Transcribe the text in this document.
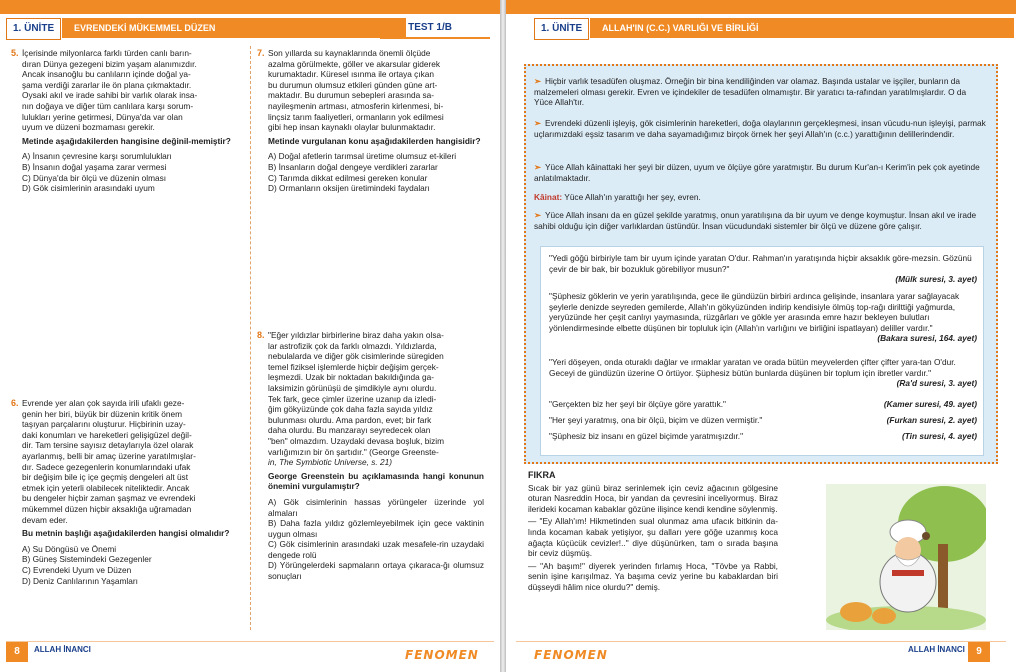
1. ÜNİTE	EVRENDEKİ MÜKEMMEL DÜZEN	TEST 1/B
5. İçerisinde milyonlarca farklı türden canlı barın-

dıran Dünya gezegeni bizim yaşam alanımızdır.

Ancak insanoğlu bu canlıların içinde doğal ya-

şama verdiği zararlar ile ön plana çıkmaktadır.

Oysaki akıl ve irade sahibi bir varlık olarak insa-

nın doğaya ve diğer tüm canlılara karşı sorum-

lulukları yerine getirmesi, Dünya'da var olan

uyum ve düzeni bozmaması gerekir.

Metinde aşağıdakilerden hangisine değinil-memiştir?

A) İnsanın çevresine karşı sorumlulukları

B) İnsanın doğal yaşama zarar vermesi

C) Dünya'da bir ölçü ve düzenin olması

D) Gök cisimlerinin arasındaki uyum

6. Evrende yer alan çok sayıda irili ufaklı geze-

genin her biri, büyük bir düzenin kritik önem

taşıyan parçalarını oluşturur. Hiçbirinin uzay-

daki konumları ve hareketleri gelişigüzel değil-

dir. Tam tersine sayısız detaylarıyla özel olarak

ayarlanmış, belli bir amaç üzerine yaratılmışlar-

dır. Sadece gezegenlerin konumlarındaki ufak

bir değişim bile iç içe geçmiş dengeleri alt üst

etmek için yeterli olabilecek niteliktedir. Ancak

bu dengeler hiçbir zaman şaşmaz ve evrendeki

mükemmel düzen hiçbir aksaklığa uğramadan

devam eder.

Bu metnin başlığı aşağıdakilerden hangisi olmalıdır?

A) Su Döngüsü ve Önemi

B) Güneş Sistemindeki Gezegenler

C) Evrendeki Uyum ve Düzen

D) Deniz Canlılarının Yaşamları

7. Son yıllarda su kaynaklarında önemli ölçüde

azalma görülmekte, göller ve akarsular giderek

kurumaktadır. Küresel ısınma ile ortaya çıkan

bu durumun olumsuz etkileri günden güne art-

maktadır. Bu durumun sebepleri arasında sa-

nayileşmenin artması, atmosferin kirlenmesi, bi-

linçsiz tarım faaliyetleri, ormanların yok edilmesi

gibi hep insan kaynaklı olaylar bulunmaktadır.

Metinde vurgulanan konu aşağıdakilerden hangisidir?

A) Doğal afetlerin tarımsal üretime olumsuz et-kileri

B) İnsanların doğal dengeye verdikleri zararlar

C) Tarımda dikkat edilmesi gereken konular

D) Ormanların oksijen üretimindeki faydaları

8. "Eğer yıldızlar birbirlerine biraz daha yakın olsa-

lar astrofizik çok da farklı olmazdı. Yıldızlarda,

nebulalarda ve diğer gök cisimlerinde süregiden

temel fiziksel işlemlerde hiçbir değişim gerçek-

leşmezdi. Uzak bir noktadan bakıldığında ga-

laksimizin görünüşü de şimdikiyle aynı olurdu.

Tek fark, gece çimler üzerine uzanıp da izledi-

ğim gökyüzünde çok daha fazla sayıda yıldız

bulunması olurdu. Ama pardon, evet; bir fark

daha olurdu. Bu manzarayı seyredecek olan

"ben" olmazdım. Uzaydaki devasa boşluk, bizim

varlığımızın bir ön şartıdır." (George Greenste-

in, The Symbiotic Universe, s. 21)

George Greenstein bu açıklamasında hangi konunun önemini vurgulamıştır?

A) Gök cisimlerinin hassas yörüngeler üzerinde yol almaları

B) Daha fazla yıldız gözlemleyebilmek için gece vaktinin uygun olması

C) Gök cisimlerinin arasındaki uzak mesafele-rin uzaydaki dengede rolü

D) Yörüngelerdeki sapmaların ortaya çıkaraca-ğı olumsuz sonuçları

8	ALLAH İNANCI	FENOMEN
1. ÜNİTE	ALLAH'IN (C.C.) VARLIĞI VE BİRLİĞİ
➢ Hiçbir varlık tesadüfen oluşmaz. Örneğin bir bina kendiliğinden var olamaz. Başında ustalar ve işçiler, bunların da malzemeleri olması gerekir. Evren ve içindekiler de tesadüfen olmamıştır. Bir yaratıcı ta-rafından yaratılmışlardır. O da Yüce Allah'tır.
➢ Evrendeki düzenli işleyiş, gök cisimlerinin hareketleri, doğa olaylarının gerçekleşmesi, insan vücudu-nun işleyişi, parmak uçlarımızdaki eşsiz tasarım ve daha sayamadığımız birçok örnek her şeyi Allah'ın (c.c.) yarattığının delillerindendir.
➢ Yüce Allah kâinattaki her şeyi bir düzen, uyum ve ölçüye göre yaratmıştır. Bu durum Kur'an-ı Kerim'in pek çok ayetinde anlatılmaktadır.
Kâinat: Yüce Allah'ın yarattığı her şey, evren.
➢ Yüce Allah insanı da en güzel şekilde yaratmış, onun yaratılışına da bir uyum ve denge koymuştur. İnsan akıl ve irade sahibi olduğu için diğer varlıklardan üstündür. İnsan vücudundaki sistemler bir ölçü ve düzene göre çalışır.
"Yedi göğü birbiriyle tam bir uyum içinde yaratan O'dur. Rahman'ın yaratışında hiçbir aksaklık göre-mezsin. Gözünü çevir de bir bak, bir bozukluk görebiliyor musun?"

(Mülk suresi, 3. ayet)
"Şüphesiz göklerin ve yerin yaratılışında, gece ile gündüzün birbiri ardınca gelişinde, insanlara yarar sağlayacak şeylerle denizde seyreden gemilerde, Allah'ın gökyüzünden indirip kendisiyle ölmüş top-rağı dirilttiği yağmurda, yeryüzünde her çeşit canlıyı yaymasında, rüzgârları ve gökle yer arasında emre hazır bekleyen bulutları yönlendirmesinde elbette düşünen bir topluluk için (Allah'ın varlığını ve birliğini ispatlayan) deliller vardır."
(Bakara suresi, 164. ayet)
"Yeri döşeyen, onda oturaklı dağlar ve ırmaklar yaratan ve orada bütün meyvelerden çifter çifter yara-tan O'dur. Geceyi de gündüzün üzerine O örtüyor. Şüphesiz bütün bunlarda düşünen bir toplum için ibretler vardır."
(Ra'd suresi, 3. ayet)
"Gerçekten biz her şeyi bir ölçüye göre yarattık."	(Kamer suresi, 49. ayet)
"Her şeyi yaratmış, ona bir ölçü, biçim ve düzen vermiştir."	(Furkan suresi, 2. ayet)
"Şüphesiz biz insanı en güzel biçimde yaratmışızdır."	(Tin suresi, 4. ayet)
FIKRA

Sıcak bir yaz günü biraz serinlemek için ceviz ağacının gölgesine oturan Nasreddin Hoca, bir yandan da çevresini inceliyormuş. Biraz ilerideki kocaman kabaklar gözüne ilişince kendi kendine söylenmiş.

— "Ey Allah'ım! Hikmetinden sual olunmaz ama ufacık bitkinin da-lında kocaman kabak yetişiyor, şu dalları yere göğe uzanmış koca ağaçta küçücük cevizler!.." diye düşünürken, tam o sırada başına bir ceviz düşmüş.

— "Ah başım!" diyerek yerinden fırlamış Hoca, "Tövbe ya Rabbi, senin işine karışılmaz. Ya başıma ceviz yerine bu kabaklardan biri düşseydi hâlim nice olurdu?" demiş.

FENOMEN	ALLAH İNANCI	9
